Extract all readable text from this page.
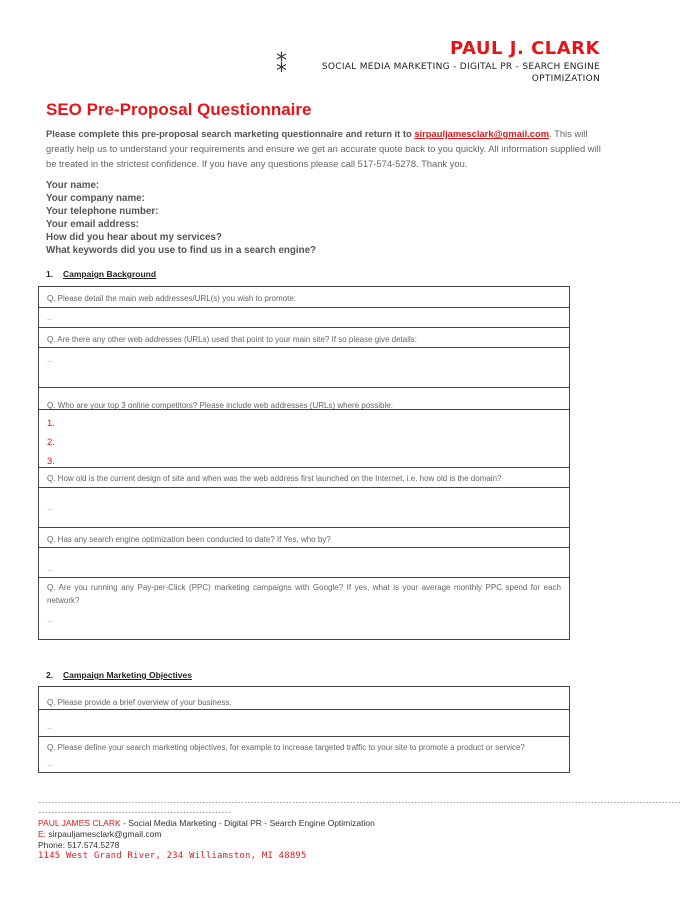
PAUL J. CLARK
⁑	SOCIAL MEDIA MARKETING - DIGITAL PR - SEARCH ENGINE OPTIMIZATION
SEO Pre-Proposal Questionnaire
Please complete this pre-proposal search marketing questionnaire and return it to sirpauljamesclark@gmail.com. This will greatly help us to understand your requirements and ensure we get an accurate quote back to you quickly. All information supplied will be treated in the strictest confidence. If you have any questions please call 517-574-5278. Thank you.
Your name:
Your company name:
Your telephone number:
Your email address:
How did you hear about my services?
What keywords did you use to find us in a search engine?
1. Campaign Background
Q. Please detail the main web addresses/URL(s) you wish to promote:
..
Q. Are there any other web addresses (URLs) used that point to your main site? If so please give details:
..
Q. Who are your top 3 online competitors? Please include web addresses (URLs) where possible:
1.
2.
3.
Q. How old is the current design of site and when was the web address first launched on the Internet, i.e. how old is the domain?
..
Q. Has any search engine optimization been conducted to date? If Yes, who by?
..
Q. Are you running any Pay-per-Click (PPC) marketing campaigns with Google? If yes, what is your average monthly PPC spend for each network?
..
2. Campaign Marketing Objectives
Q. Please provide a brief overview of your business.
..
Q. Please define your search marketing objectives, for example to increase targeted traffic to your site to promote a product or service?
..
--------------------------------------------------------------------------------------------------------------------------------------------------------------------------------------------------------
------------------------------------------------------------
PAUL JAMES CLARK - Social Media Marketing - Digital PR - Search Engine Optimization
E: sirpauljamesclark@gmail.com
Phone: 517.574.5278
1145 West Grand River, 234 Williamston, MI 48895
